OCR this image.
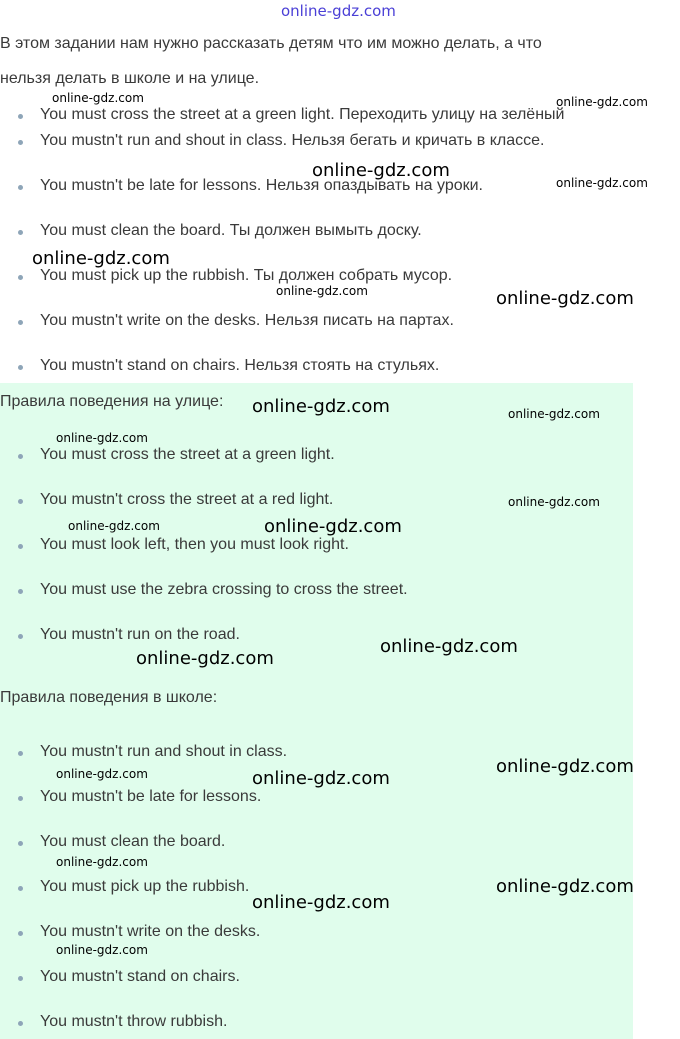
online-gdz.com
В этом задании нам нужно рассказать детям что им можно делать, а что
нельзя делать в школе и на улице.
You must cross the street at a green light. Переходить улицу на зелёный
You mustn't run and shout in class. Нельзя бегать и кричать в классе.
You mustn't be late for lessons. Нельзя опаздывать на уроки.
You must clean the board. Ты должен вымыть доску.
You must pick up the rubbish. Ты должен собрать мусор.
You mustn't write on the desks. Нельзя писать на партах.
You mustn't stand on chairs. Нельзя стоять на стульях.
Правила поведения на улице:
You must cross the street at a green light.
You mustn't cross the street at a red light.
You must look left, then you must look right.
You must use the zebra crossing to cross the street.
You mustn't run on the road.
Правила поведения в школе:
You mustn't run and shout in class.
You mustn't be late for lessons.
You must clean the board.
You must pick up the rubbish.
You mustn't write on the desks.
You mustn't stand on chairs.
You mustn't throw rubbish.
online-gdz.com	online-gdz.com
online-gdz.com
online-gdz.com
online-gdz.com
online-gdz.com	online-gdz.com
online-gdz.com	online-gdz.com
online-gdz.com
online-gdz.com
online-gdz.com	online-gdz.com
online-gdz.com
online-gdz.com
online-gdz.com
online-gdz.com	online-gdz.com
online-gdz.com
online-gdz.com
online-gdz.com
online-gdz.com
